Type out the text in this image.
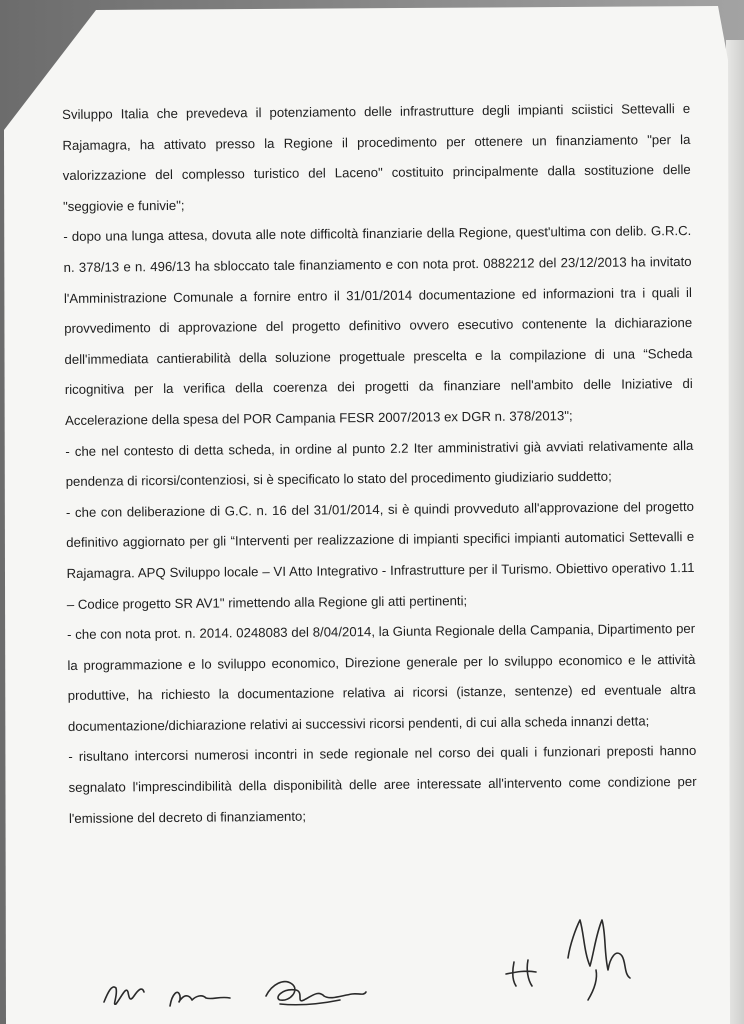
Sviluppo Italia che prevedeva il potenziamento delle infrastrutture degli impianti sciistici Settevalli e Rajamagra, ha attivato presso la Regione il procedimento per ottenere un finanziamento "per la valorizzazione del complesso turistico del Laceno" costituito principalmente dalla sostituzione delle "seggiovie e funivie";

- dopo una lunga attesa, dovuta alle note difficoltà finanziarie della Regione, quest'ultima con delib. G.R.C. n. 378/13 e n. 496/13 ha sbloccato tale finanziamento e con nota prot. 0882212 del 23/12/2013 ha invitato l'Amministrazione Comunale a fornire entro il 31/01/2014 documentazione ed informazioni tra i quali il provvedimento di approvazione del progetto definitivo ovvero esecutivo contenente la dichiarazione dell'immediata cantierabilità della soluzione progettuale prescelta e la compilazione di una “Scheda ricognitiva per la verifica della coerenza dei progetti da finanziare nell'ambito delle Iniziative di Accelerazione della spesa del POR Campania FESR 2007/2013 ex DGR n. 378/2013";

- che nel contesto di detta scheda, in ordine al punto 2.2 Iter amministrativi già avviati relativamente alla pendenza di ricorsi/contenziosi, si è specificato lo stato del procedimento giudiziario suddetto;

- che con deliberazione di G.C. n. 16 del 31/01/2014, si è quindi provveduto all'approvazione del progetto definitivo aggiornato per gli “Interventi per realizzazione di impianti specifici impianti automatici Settevalli e Rajamagra. APQ Sviluppo locale – VI Atto Integrativo - Infrastrutture per il Turismo. Obiettivo operativo 1.11 – Codice progetto SR AV1" rimettendo alla Regione gli atti pertinenti;

- che con nota prot. n. 2014. 0248083 del 8/04/2014, la Giunta Regionale della Campania, Dipartimento per la programmazione e lo sviluppo economico, Direzione generale per lo sviluppo economico e le attività produttive, ha richiesto la documentazione relativa ai ricorsi (istanze, sentenze) ed eventuale altra documentazione/dichiarazione relativi ai successivi ricorsi pendenti, di cui alla scheda innanzi detta;

- risultano intercorsi numerosi incontri in sede regionale nel corso dei quali i funzionari preposti hanno segnalato l'imprescindibilità della disponibilità delle aree interessate all'intervento come condizione per l'emissione del decreto di finanziamento;
